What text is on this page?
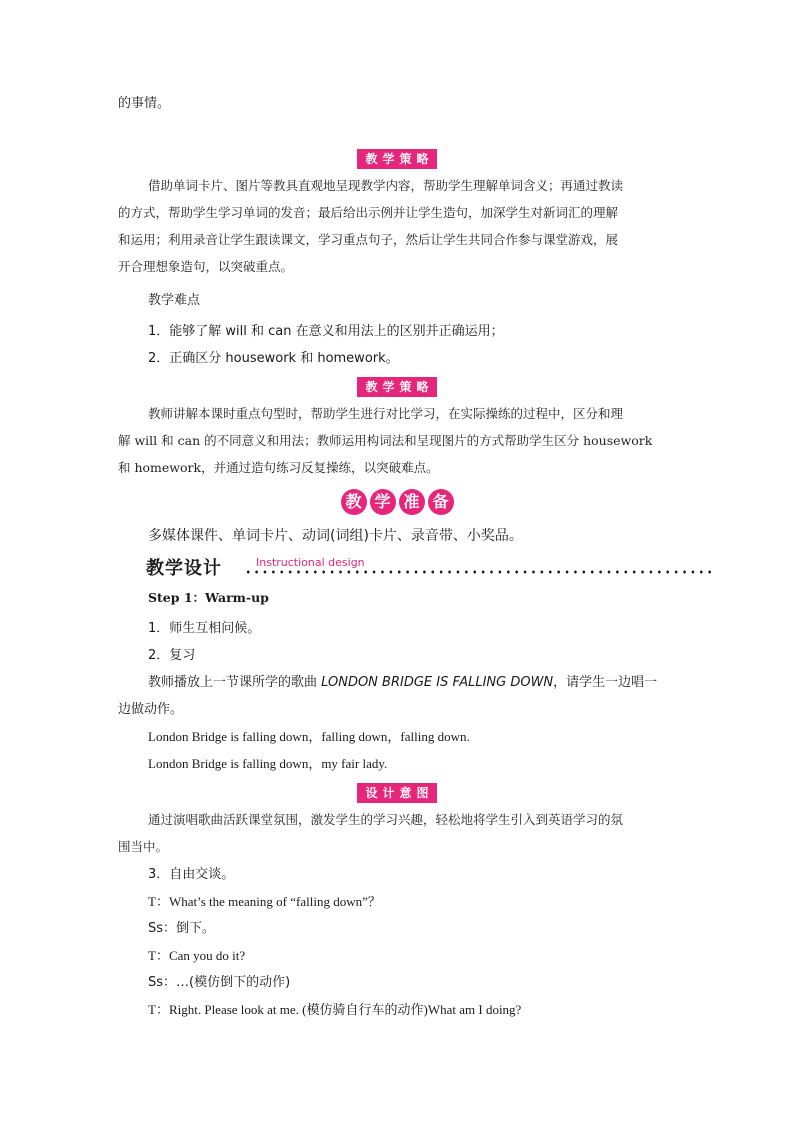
的事情。
教学策略
借助单词卡片、图片等教具直观地呈现教学内容，帮助学生理解单词含义；再通过教读
的方式，帮助学生学习单词的发音；最后给出示例并让学生造句，加深学生对新词汇的理解
和运用；利用录音让学生跟读课文，学习重点句子，然后让学生共同合作参与课堂游戏，展
开合理想象造句，以突破重点。
教学难点
1．能够了解 will 和 can 在意义和用法上的区别并正确运用；
2．正确区分 housework 和 homework。
教学策略
教师讲解本课时重点句型时，帮助学生进行对比学习，在实际操练的过程中，区分和理
解 will 和 can 的不同意义和用法；教师运用构词法和呈现图片的方式帮助学生区分 housework
和 homework，并通过造句练习反复操练，以突破难点。
教 学 准 备
多媒体课件、单词卡片、动词(词组)卡片、录音带、小奖品。
教学设计	Instructional design
Step 1：Warm-up
1．师生互相问候。
2．复习
教师播放上一节课所学的歌曲 LONDON BRIDGE IS FALLING DOWN，请学生一边唱一
边做动作。
London Bridge is falling down，falling down，falling down.
London Bridge is falling down，my fair lady.
设计意图
通过演唱歌曲活跃课堂氛围，激发学生的学习兴趣，轻松地将学生引入到英语学习的氛
围当中。
3．自由交谈。
T：What’s the meaning of “falling down”？
Ss：倒下。
T：Can you do it?
Ss：…(模仿倒下的动作)
T：Right. Please look at me. (模仿骑自行车的动作)What am I doing?
